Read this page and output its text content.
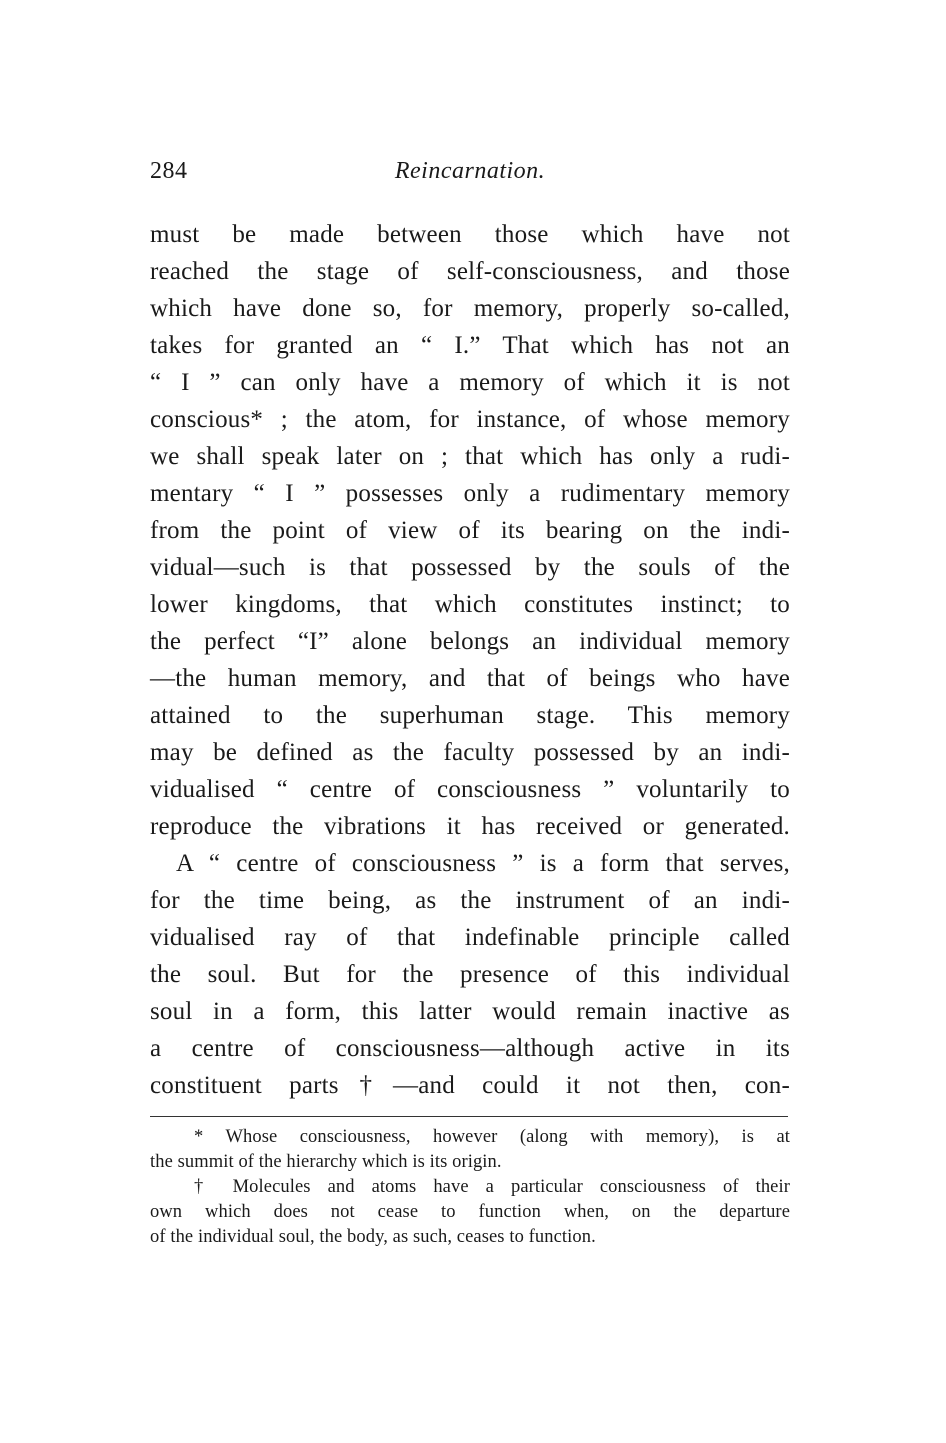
284	Reincarnation.
must be made between those which have not
reached the stage of self-consciousness, and those
which have done so, for memory, properly so-called,
takes for granted an “ I.” That which has not an
“ I ” can only have a memory of which it is not
conscious* ; the atom, for instance, of whose memory
we shall speak later on ; that which has only a rudi-
mentary “ I ” possesses only a rudimentary memory
from the point of view of its bearing on the indi-
vidual—such is that possessed by the souls of the
lower kingdoms, that which constitutes instinct; to
the perfect “I” alone belongs an individual memory
—the human memory, and that of beings who have
attained to the superhuman stage. This memory
may be defined as the faculty possessed by an indi-
vidualised “ centre of consciousness ” voluntarily to
reproduce the vibrations it has received or generated.
A “ centre of consciousness ” is a form that serves,
for the time being, as the instrument of an indi-
vidualised ray of that indefinable principle called
the soul. But for the presence of this individual
soul in a form, this latter would remain inactive as
a centre of consciousness—although active in its
constituent parts†—and could it not then, con-
* Whose consciousness, however (along with memory), is at
the summit of the hierarchy which is its origin.
† Molecules and atoms have a particular consciousness of their
own which does not cease to function when, on the departure
of the individual soul, the body, as such, ceases to function.
